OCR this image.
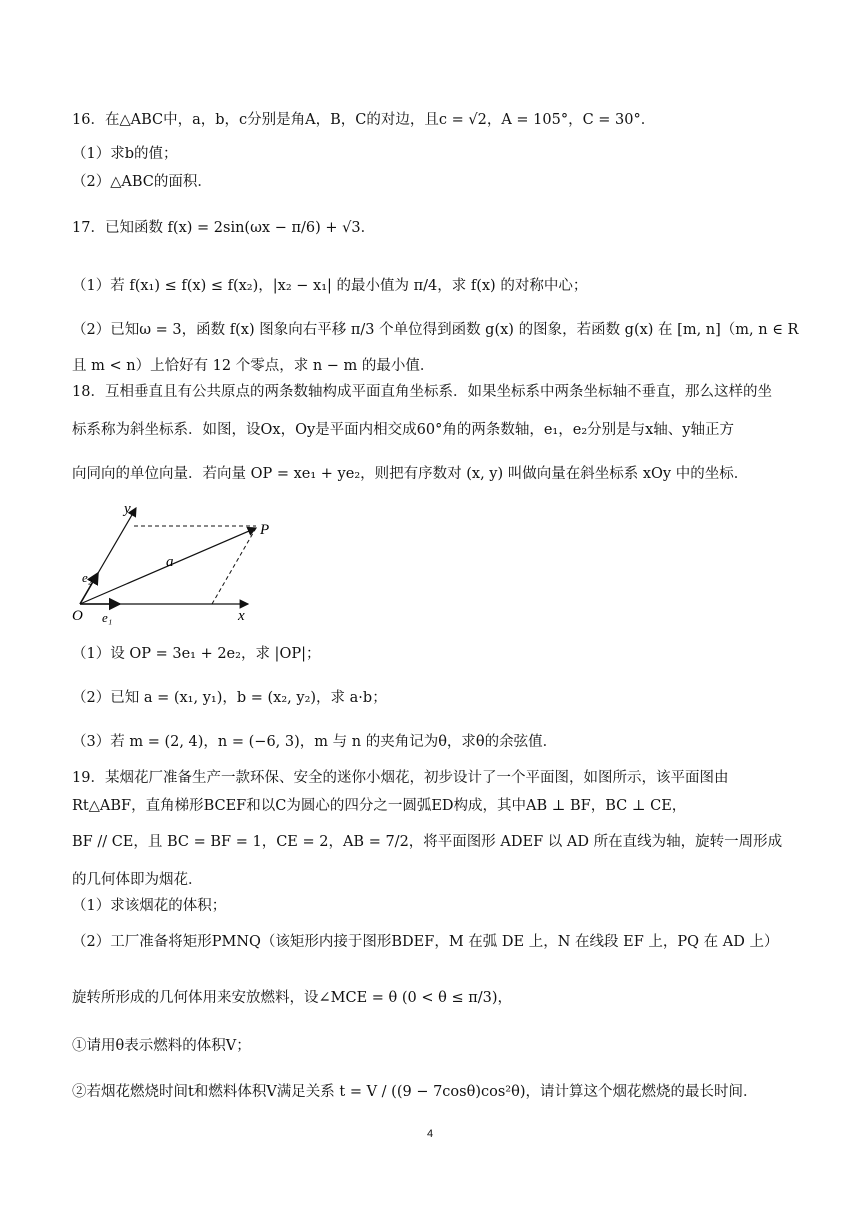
16．在△ABC中，a，b，c分别是角A，B，C的对边，且c = √2，A = 105°，C = 30°．
（1）求b的值；
（2）△ABC的面积．
17．已知函数 f(x) = 2sin(ωx − π/6) + √3．
（1）若 f(x₁) ≤ f(x) ≤ f(x₂)，|x₂ − x₁| 的最小值为 π/4，求 f(x) 的对称中心；
（2）已知ω = 3，函数 f(x) 图象向右平移 π/3 个单位得到函数 g(x) 的图象，若函数 g(x) 在 [m, n]（m, n ∈ R
且 m < n）上恰好有 12 个零点，求 n − m 的最小值．
18．互相垂直且有公共原点的两条数轴构成平面直角坐标系．如果坐标系中两条坐标轴不垂直，那么这样的坐
标系称为斜坐标系．如图，设Ox，Oy是平面内相交成60°角的两条数轴，e₁，e₂分别是与x轴、y轴正方
向同向的单位向量．若向量 OP = xe₁ + ye₂，则把有序数对 (x, y) 叫做向量在斜坐标系 xOy 中的坐标．
y
x
O
P
a
e₂
e₁
（1）设 OP = 3e₁ + 2e₂，求 |OP|；
（2）已知 a = (x₁, y₁)，b = (x₂, y₂)，求 a·b；
（3）若 m = (2, 4)，n = (−6, 3)，m 与 n 的夹角记为θ，求θ的余弦值．
19．某烟花厂准备生产一款环保、安全的迷你小烟花，初步设计了一个平面图，如图所示，该平面图由
Rt△ABF，直角梯形BCEF和以C为圆心的四分之一圆弧ED构成，其中AB ⊥ BF，BC ⊥ CE，
BF // CE，且 BC = BF = 1，CE = 2，AB = 7/2，将平面图形 ADEF 以 AD 所在直线为轴，旋转一周形成
的几何体即为烟花．
（1）求该烟花的体积；
（2）工厂准备将矩形PMNQ（该矩形内接于图形BDEF，M 在弧 DE 上，N 在线段 EF 上，PQ 在 AD 上）
旋转所形成的几何体用来安放燃料，设∠MCE = θ (0 < θ ≤ π/3)，
①请用θ表示燃料的体积V；
②若烟花燃烧时间t和燃料体积V满足关系 t = V / ((9 − 7cosθ)cos²θ)，请计算这个烟花燃烧的最长时间．
4
